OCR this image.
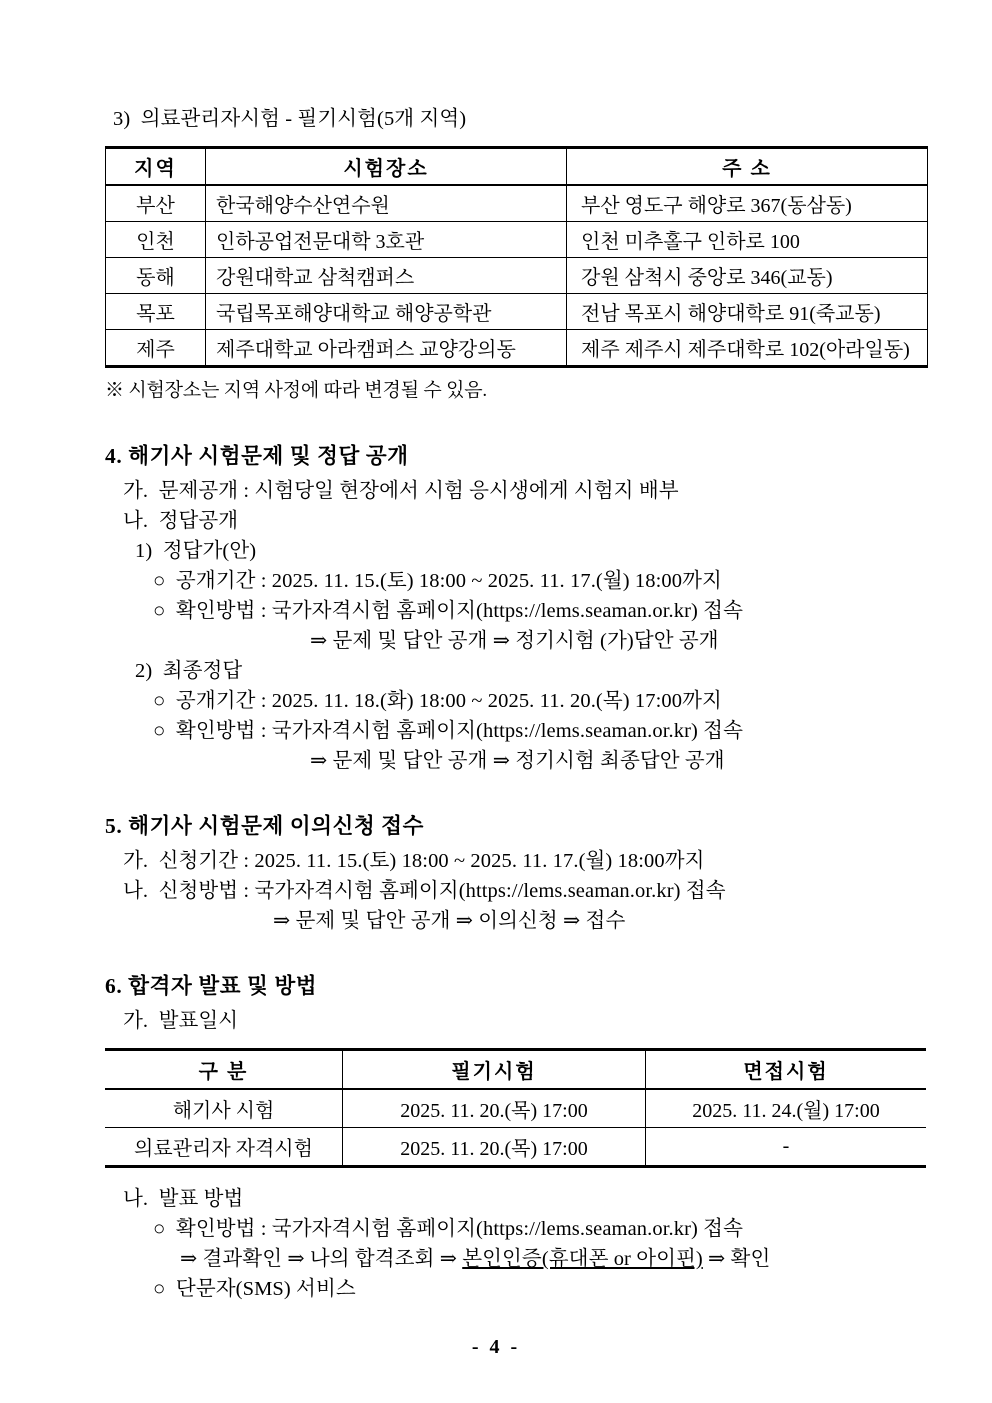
3)  의료관리자시험 - 필기시험(5개 지역)
지역	시험장소	주 소
부산	한국해양수산연수원	부산 영도구 해양로 367(동삼동)
인천	인하공업전문대학 3호관	인천 미추홀구 인하로 100
동해	강원대학교 삼척캠퍼스	강원 삼척시 중앙로 346(교동)
목포	국립목포해양대학교 해양공학관	전남 목포시 해양대학로 91(죽교동)
제주	제주대학교 아라캠퍼스 교양강의동	제주 제주시 제주대학로 102(아라일동)
※ 시험장소는 지역 사정에 따라 변경될 수 있음.
4. 해기사 시험문제 및 정답 공개
가.  문제공개 : 시험당일 현장에서 시험 응시생에게 시험지 배부
나.  정답공개
1)  정답가(안)
○  공개기간 : 2025. 11. 15.(토) 18:00 ~ 2025. 11. 17.(월) 18:00까지
○  확인방법 : 국가자격시험 홈페이지(https://lems.seaman.or.kr) 접속
⇒ 문제 및 답안 공개 ⇒ 정기시험 (가)답안 공개
2)  최종정답
○  공개기간 : 2025. 11. 18.(화) 18:00 ~ 2025. 11. 20.(목) 17:00까지
○  확인방법 : 국가자격시험 홈페이지(https://lems.seaman.or.kr) 접속
⇒ 문제 및 답안 공개 ⇒ 정기시험 최종답안 공개
5. 해기사 시험문제 이의신청 접수
가.  신청기간 : 2025. 11. 15.(토) 18:00 ~ 2025. 11. 17.(월) 18:00까지
나.  신청방법 : 국가자격시험 홈페이지(https://lems.seaman.or.kr) 접속
⇒ 문제 및 답안 공개 ⇒ 이의신청 ⇒ 접수
6. 합격자 발표 및 방법
가.  발표일시
구 분	필기시험	면접시험
해기사 시험	2025. 11. 20.(목) 17:00	2025. 11. 24.(월) 17:00
의료관리자 자격시험	2025. 11. 20.(목) 17:00	-
나.  발표 방법
○  확인방법 : 국가자격시험 홈페이지(https://lems.seaman.or.kr) 접속
⇒ 결과확인 ⇒ 나의 합격조회 ⇒ 본인인증(휴대폰 or 아이핀) ⇒ 확인
○  단문자(SMS) 서비스
- 4 -
